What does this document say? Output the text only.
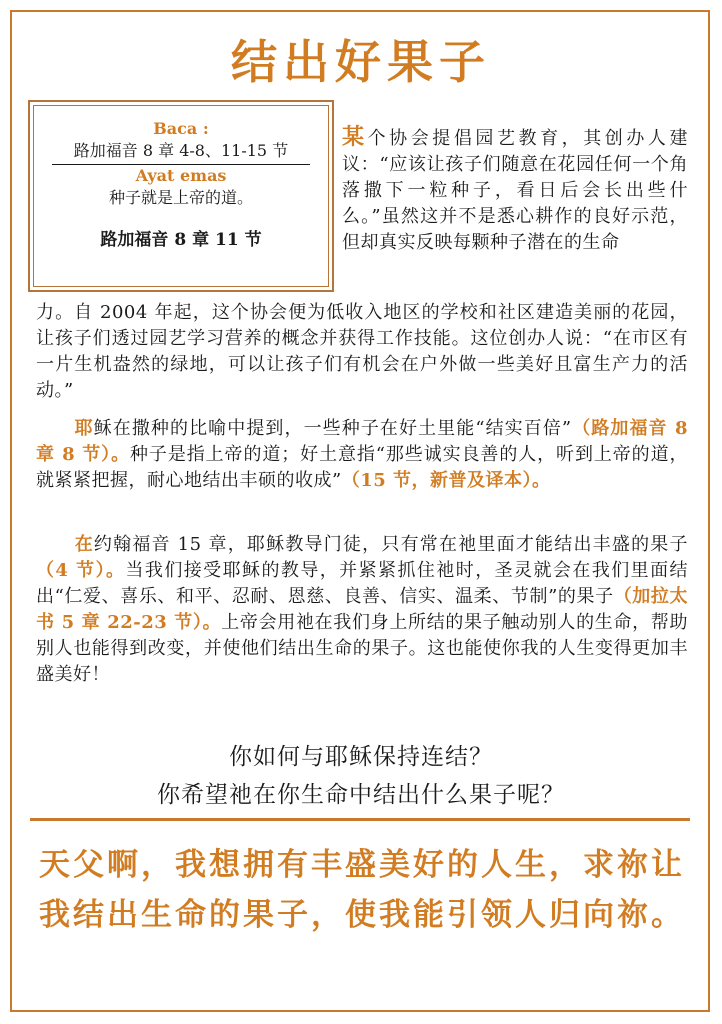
结出好果子
Baca :
路加福音 8 章 4-8、11-15 节
Ayat emas
种子就是上帝的道。
路加福音 8 章 11 节
某个协会提倡园艺教育，其创办人建议：“应该让孩子们随意在花园任何一个角落撒下一粒种子，看日后会长出些什么。”虽然这并不是悉心耕作的良好示范，但却真实反映每颗种子潜在的生命
力。自 2004 年起，这个协会便为低收入地区的学校和社区建造美丽的花园，让孩子们透过园艺学习营养的概念并获得工作技能。这位创办人说：“在市区有一片生机盎然的绿地，可以让孩子们有机会在户外做一些美好且富生产力的活动。”
耶稣在撒种的比喻中提到，一些种子在好土里能“结实百倍”（路加福音 8 章 8 节）。种子是指上帝的道；好土意指“那些诚实良善的人，听到上帝的道，就紧紧把握，耐心地结出丰硕的收成”（15 节，新普及译本）。
在约翰福音 15 章，耶稣教导门徒，只有常在祂里面才能结出丰盛的果子（4 节）。当我们接受耶稣的教导，并紧紧抓住祂时，圣灵就会在我们里面结出“仁爱、喜乐、和平、忍耐、恩慈、良善、信实、温柔、节制”的果子（加拉太书 5 章 22-23 节）。上帝会用祂在我们身上所结的果子触动别人的生命，帮助别人也能得到改变，并使他们结出生命的果子。这也能使你我的人生变得更加丰盛美好！
你如何与耶稣保持连结？
你希望祂在你生命中结出什么果子呢？
天父啊，我想拥有丰盛美好的人生，求祢让我结出生命的果子，使我能引领人归向祢。
